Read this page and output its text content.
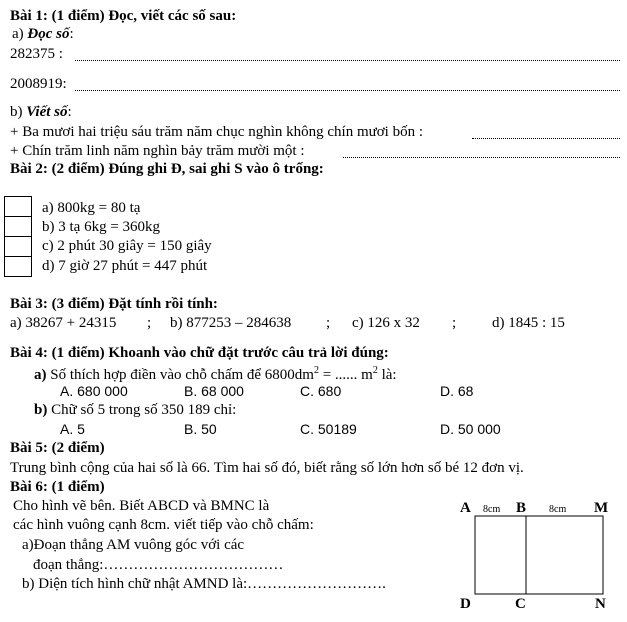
Bài 1: (1 điểm) Đọc, viết các số sau:
a) Đọc số:
282375 :
2008919:
b) Viết số:
+ Ba mươi hai triệu sáu trăm năm chục nghìn không chín mươi bốn :
+ Chín trăm linh năm nghìn bảy trăm mười một :
Bài 2: (2 điểm) Đúng ghi Đ, sai ghi S vào ô trống:
a) 800kg = 80 tạ
b) 3 tạ 6kg = 360kg
c) 2 phút 30 giây = 150 giây
d) 7 giờ 27 phút = 447 phút
Bài 3: (3 điểm) Đặt tính rồi tính:
a) 38267 + 24315 ; b) 877253 – 284638 ; c) 126 x 32 ; d) 1845 : 15
Bài 4: (1 điểm) Khoanh vào chữ đặt trước câu trả lời đúng:
a) Số thích hợp điền vào chỗ chấm để $6800dm^2$ = ...... $m^2$ là:
A. 680 000	B. 68 000	C. 680	D. 68
b) Chữ số 5 trong số 350 189 chỉ:
A. 5	B. 50	C. 50189	D. 50 000
Bài 5: (2 điểm)
Trung bình cộng của hai số là 66. Tìm hai số đó, biết rằng số lớn hơn số bé 12 đơn vị.
Bài 6: (1 điểm)
Cho hình vẽ bên. Biết ABCD và BMNC là
các hình vuông cạnh 8cm. viết tiếp vào chỗ chấm:
a)Đoạn thẳng AM vuông góc với các
đoạn thẳng:………………………………
b) Diện tích hình chữ nhật AMND là:……………………….
A	B	M
8cm	8cm
D	C	N
